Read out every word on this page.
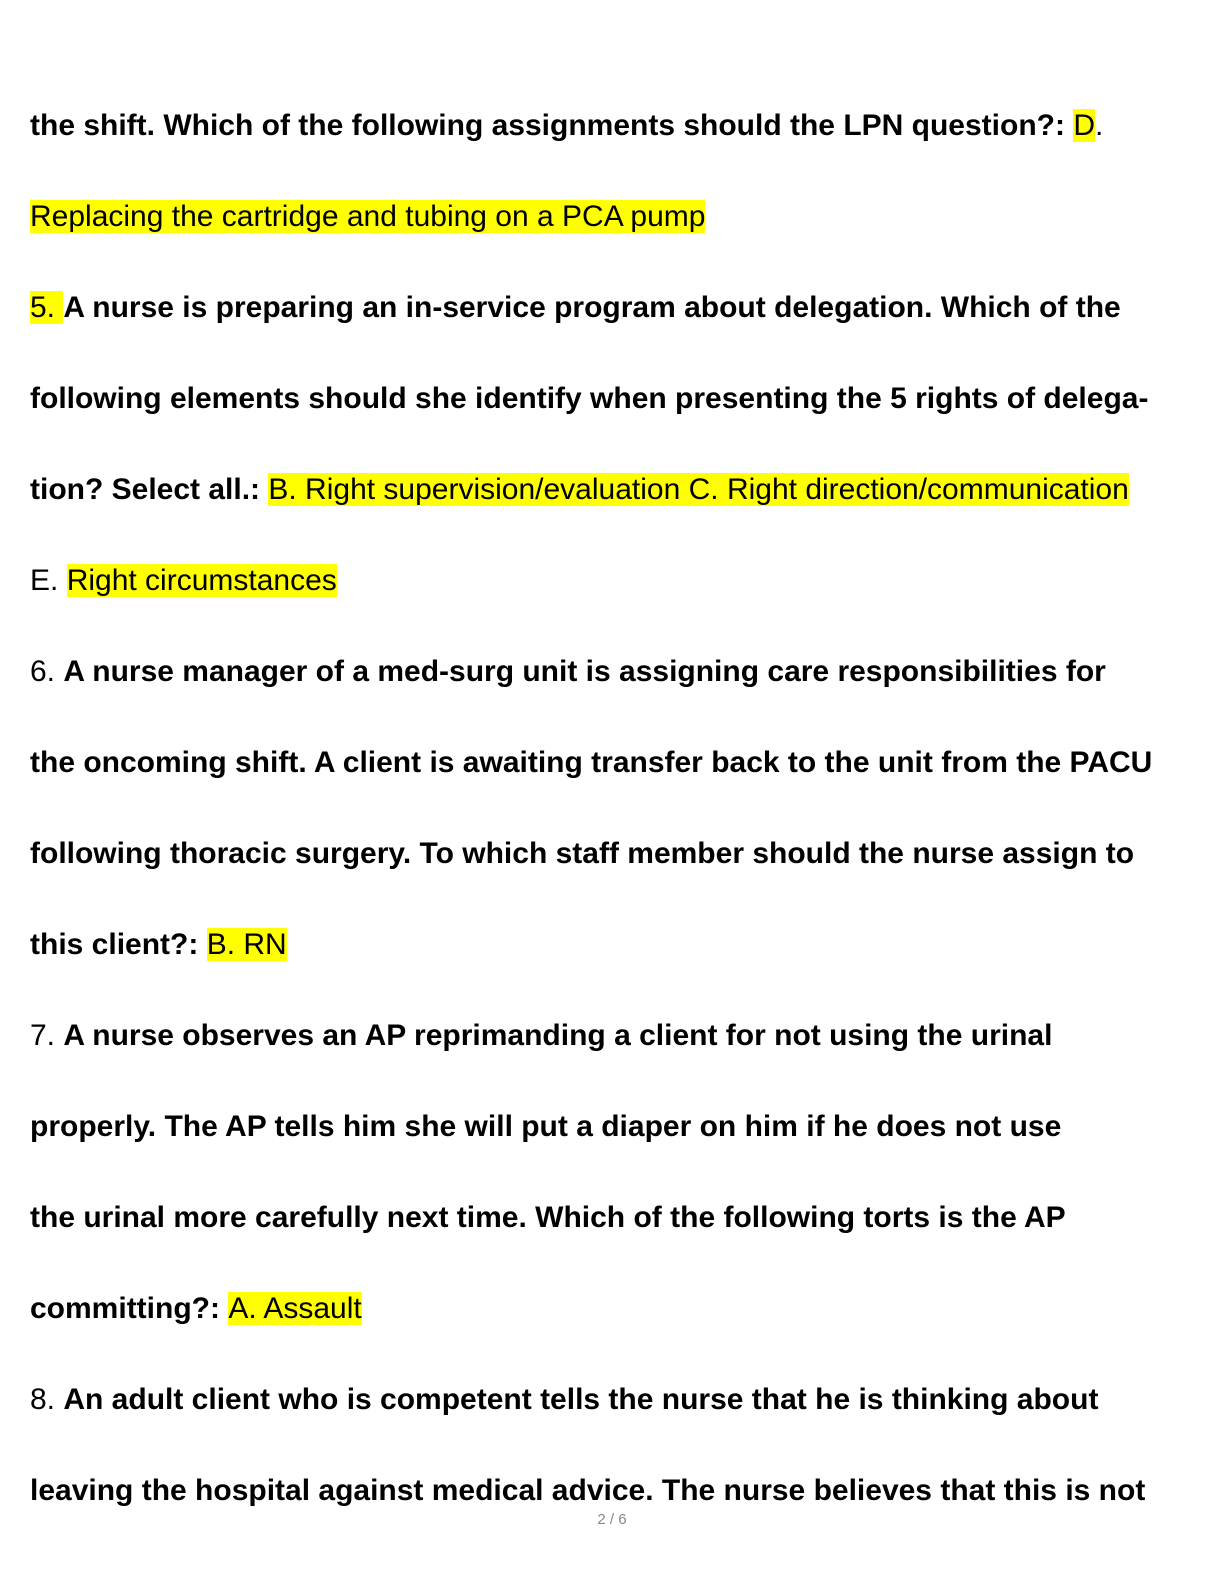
the shift. Which of the following assignments should the LPN question?: D.
Replacing the cartridge and tubing on a PCA pump
5. A nurse is preparing an in-service program about delegation. Which of the
following elements should she identify when presenting the 5 rights of delega-
tion? Select all.: B. Right supervision/evaluation C. Right direction/communication
E. Right circumstances
6. A nurse manager of a med-surg unit is assigning care responsibilities for
the oncoming shift. A client is awaiting transfer back to the unit from the PACU
following thoracic surgery. To which staff member should the nurse assign to
this client?: B. RN
7. A nurse observes an AP reprimanding a client for not using the urinal
properly. The AP tells him she will put a diaper on him if he does not use
the urinal more carefully next time. Which of the following torts is the AP
committing?: A. Assault
8. An adult client who is competent tells the nurse that he is thinking about
leaving the hospital against medical advice. The nurse believes that this is not
2 / 6
